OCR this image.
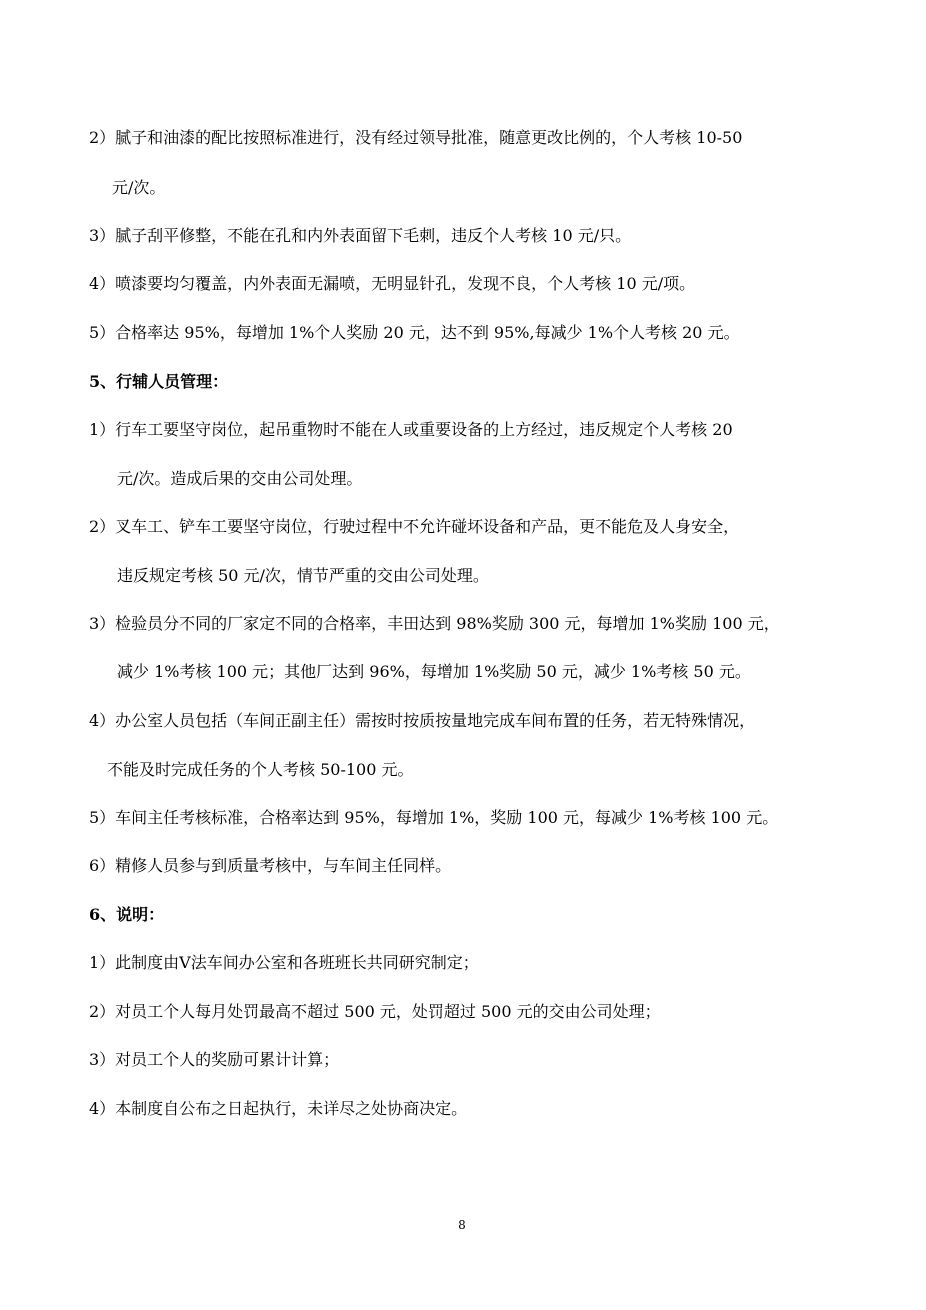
2）腻子和油漆的配比按照标准进行，没有经过领导批准，随意更改比例的，个人考核 10-50
元/次。
3）腻子刮平修整，不能在孔和内外表面留下毛刺，违反个人考核 10 元/只。
4）喷漆要均匀覆盖，内外表面无漏喷，无明显针孔，发现不良，个人考核 10 元/项。
5）合格率达 95%，每增加 1%个人奖励 20 元，达不到 95%,每减少 1%个人考核 20 元。
5、行辅人员管理：
1）行车工要坚守岗位，起吊重物时不能在人或重要设备的上方经过，违反规定个人考核 20
元/次。造成后果的交由公司处理。
2）叉车工、铲车工要坚守岗位，行驶过程中不允许碰坏设备和产品，更不能危及人身安全，
违反规定考核 50 元/次，情节严重的交由公司处理。
3）检验员分不同的厂家定不同的合格率，丰田达到 98%奖励 300 元，每增加 1%奖励 100 元，
减少 1%考核 100 元；其他厂达到 96%，每增加 1%奖励 50 元，减少 1%考核 50 元。
4）办公室人员包括（车间正副主任）需按时按质按量地完成车间布置的任务，若无特殊情况，
不能及时完成任务的个人考核 50-100 元。
5）车间主任考核标准，合格率达到 95%，每增加 1%，奖励 100 元，每减少 1%考核 100 元。
6）精修人员参与到质量考核中，与车间主任同样。
6、说明：
1）此制度由Ⅴ法车间办公室和各班班长共同研究制定；
2）对员工个人每月处罚最高不超过 500 元，处罚超过 500 元的交由公司处理；
3）对员工个人的奖励可累计计算；
4）本制度自公布之日起执行，未详尽之处协商决定。
8
